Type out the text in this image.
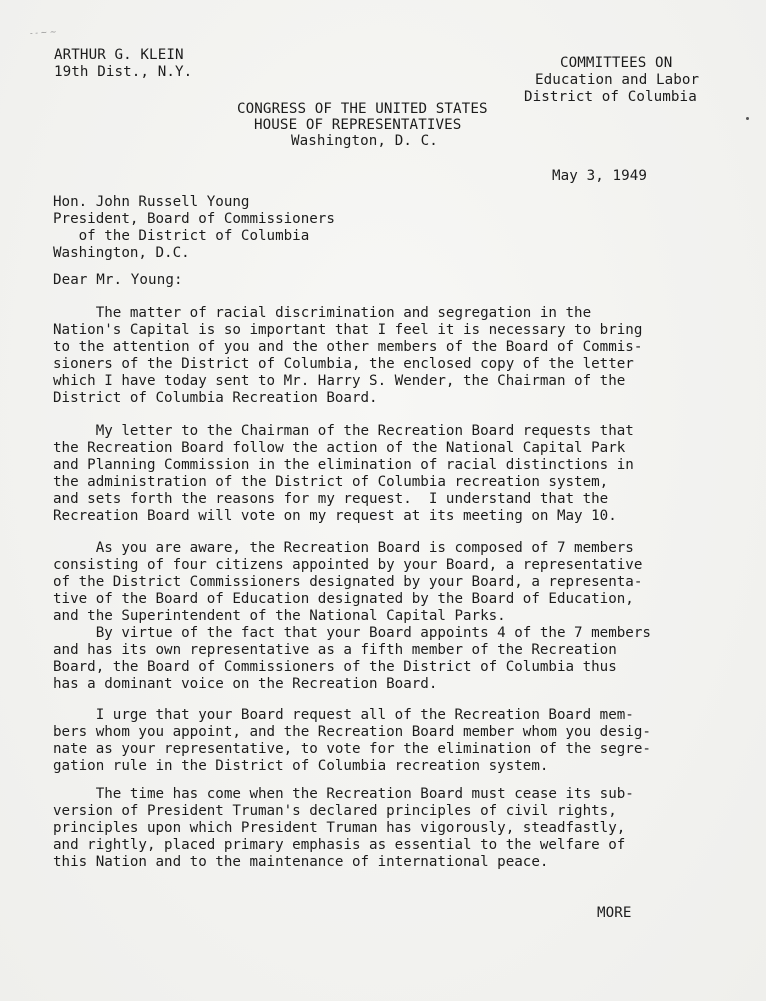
- - ~ ~
ARTHUR G. KLEIN
19th Dist., N.Y.
COMMITTEES ON
Education and Labor
District of Columbia
CONGRESS OF THE UNITED STATES
HOUSE OF REPRESENTATIVES
Washington, D. C.
May 3, 1949
Hon. John Russell Young
President, Board of Commissioners
of the District of Columbia
Washington, D.C.
Dear Mr. Young:
The matter of racial discrimination and segregation in the
Nation's Capital is so important that I feel it is necessary to bring
to the attention of you and the other members of the Board of Commis-
sioners of the District of Columbia, the enclosed copy of the letter
which I have today sent to Mr. Harry S. Wender, the Chairman of the
District of Columbia Recreation Board.
My letter to the Chairman of the Recreation Board requests that
the Recreation Board follow the action of the National Capital Park
and Planning Commission in the elimination of racial distinctions in
the administration of the District of Columbia recreation system,
and sets forth the reasons for my request.  I understand that the
Recreation Board will vote on my request at its meeting on May 10.
As you are aware, the Recreation Board is composed of 7 members
consisting of four citizens appointed by your Board, a representative
of the District Commissioners designated by your Board, a representa-
tive of the Board of Education designated by the Board of Education,
and the Superintendent of the National Capital Parks.
By virtue of the fact that your Board appoints 4 of the 7 members
and has its own representative as a fifth member of the Recreation
Board, the Board of Commissioners of the District of Columbia thus
has a dominant voice on the Recreation Board.
I urge that your Board request all of the Recreation Board mem-
bers whom you appoint, and the Recreation Board member whom you desig-
nate as your representative, to vote for the elimination of the segre-
gation rule in the District of Columbia recreation system.
The time has come when the Recreation Board must cease its sub-
version of President Truman's declared principles of civil rights,
principles upon which President Truman has vigorously, steadfastly,
and rightly, placed primary emphasis as essential to the welfare of
this Nation and to the maintenance of international peace.
MORE
